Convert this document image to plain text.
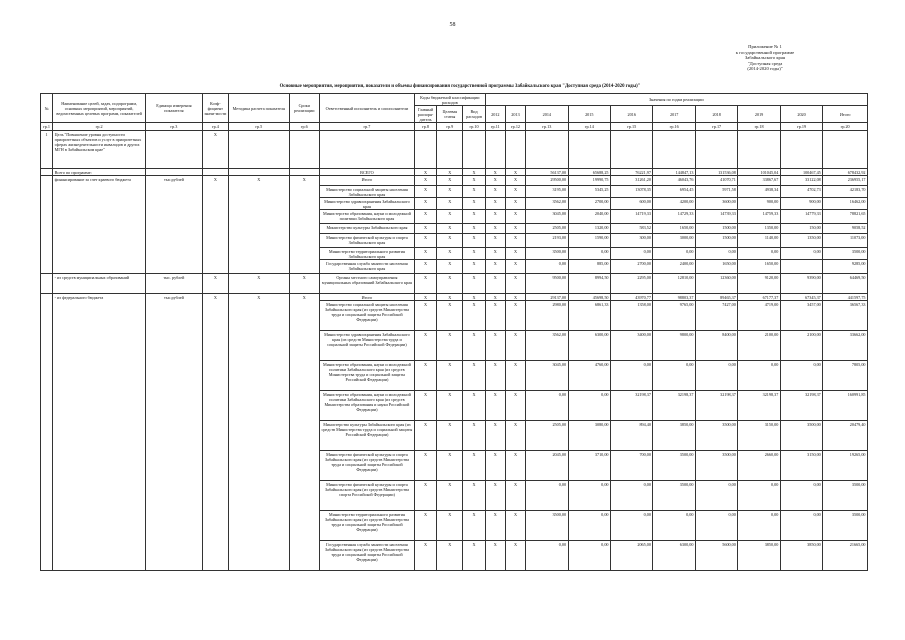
58
Приложение № 1
к государственной программе
Забайкальского края
"Доступная среда
(2014-2020 годы)"
Основные мероприятия, мероприятия, показатели и объемы финансирования государственной программы Забайкальского края "Доступная среда (2014-2020 годы)"
№	Наименование целей, задач, подпрограмм, основных мероприятий, мероприятий, ведомственных целевых программ, показателей	Единица измерения показателя	Коэф-фициент значи-мости	Методика расчета показателя	Сроки реализации	Ответственный исполнитель и соисполнители	Коды бюджетной классификации расходов			Значения по годам реализации									
							Главный распоря-дитель	Целевая статья	Вид расходов	2012	2013	2014	2015	2016	2017	2018	2019	2020	Итого
гр.1	гр.2	гр.3	гр.4	гр.5	гр.6	гр.7	гр.8	гр.9	гр.10	гр.11	гр.12	гр.13	гр.14	гр.15	гр.16	гр.17	гр.18	гр.19	гр.20
1	Цель "Повышение уровня доступности приоритетных объектов и услуг в приоритетных сферах жизнедеятельности инвалидов и других МГН в Забайкальском крае"		Х																
	Всего по программе:					ВСЕГО	Х	Х	Х	Х	Х	56137,00	65688,25	76221,97	144847,13	131536,08	101045,04	100467,45	678432,92
	финансирование за счет краевого бюджета	тыс.рублей	Х	Х	Х	Итого	Х	Х	Х	Х	Х	29500,00	19990,75	31261,20	46043,76	41070,71	33867,67	33122,08	236955,17
						Министерство социальной защиты населения Забайкальского края	Х	Х	Х	Х	Х	3195,00	5345,25	13078,35	6954,45	5971,58	4938,34	4702,73	42183,70
						Министерство здравоохранения Забайкальского края	Х	Х	Х	Х	Х	3562,00	2700,00	600,00	4200,00	3600,00	900,00	900,00	16462,00
						Министерство образования, науки и молодежной политики Забайкальского края	Х	Х	Х	Х	Х	3045,00	2040,00	14719,33	14729,33	14739,33	14759,33	14779,33	78821,65
						Министерство культуры Забайкальского края	Х	Х	Х	Х	Х	2505,00	1320,00	583,52	1650,00	1500,00	1350,00	150,00	9058,52
						Министерство физической культуры и спорта Забайкальского края	Х	Х	Х	Х	Х	2193,00	1590,00	300,00	3000,00	1500,00	1140,00	1350,00	11073,00
						Министерство территориального развития Забайкальского края	Х	Х	Х	Х	Х	3500,00	0,00	0,00	0,00	0,00	0,00	0,00	3500,00
						Государственная служба занятости населения Забайкальского края	Х	Х	Х	Х	Х	0,00	885,00	2700,00	2400,00	1650,00	1650,00		9285,00
	- из средств муниципальных образований	тыс. рублей	Х	Х	Х	Органы местного самоуправления муниципальных образований Забайкальского края	Х	Х	Х	Х	Х	9500,00	8994,50	2295,00	12810,00	12360,00	9120,00	9390,00	64469,50
	- из федерального бюджета	тыс.рублей	Х	Х	Х	Итого	Х	Х	Х	Х	Х	29137,00	45698,50	43970,77	98803,37	89465,37	67177,37	67345,37	441597,75
						Министерство социальной защиты населения Забайкальского края (из средств Министерства труда и социальной защиты Российской Федерации)	Х	Х	Х	Х	Х	2980,00	6861,33	1358,00	9765,00	7427,00	4719,00	3457,00	36567,33
						Министерство здравоохранения Забайкальского края (из средств Министерства труда и социальной защиты Российской Федерации)	Х	Х	Х	Х	Х	3562,00	6300,00	3400,00	9800,00	8400,00	2100,00	2100,00	33662,00
						Министерство образования, науки и молодежной политики Забайкальского края (из средств Министерства труда и социальной защиты Российской Федерации)	Х	Х	Х	Х	Х	3045,00	4760,00	0,00	0,00	0,00	0,00	0,00	7805,00
						Министерство образования, науки и молодежной политики Забайкальского края (из средств Министерства образования и науки Российской Федерации)	Х	Х	Х	Х	Х	0,00	0,00	32198,37	32198,37	32198,37	32198,37	32198,37	160991,85
						Министерство культуры Забайкальского края (из средств Министерства труда и социальной защиты Российской Федерации)	Х	Х	Х	Х	Х	2505,00	3080,00	894,40	3850,00	3500,00	3150,00	3500,00	20479,40
						Министерство физической культуры и спорта Забайкальского края (из средств Министерства труда и социальной защиты Российской Федерации)	Х	Х	Х	Х	Х	2045,00	3710,00	700,00	3500,00	3500,00	2660,00	3150,00	19265,00
						Министерство физической культуры и спорта Забайкальского края (из средств Министерства спорта Российской Федерации)	Х	Х	Х	Х	Х	0,00	0,00	0,00	3500,00	0,00	0,00	0,00	3500,00
						Министерство территориального развития Забайкальского края (из средств Министерства труда и социальной защиты Российской Федерации)	Х	Х	Х	Х	Х	3500,00	0,00	0,00	0,00	0,00	0,00	0,00	3500,00
						Государственная служба занятости населения Забайкальского края (из средств Министерства труда и социальной защиты Российской Федерации)	Х	Х	Х	Х	Х	0,00	0,00	2065,00	6300,00	5600,00	3850,00	3850,00	21665,00
